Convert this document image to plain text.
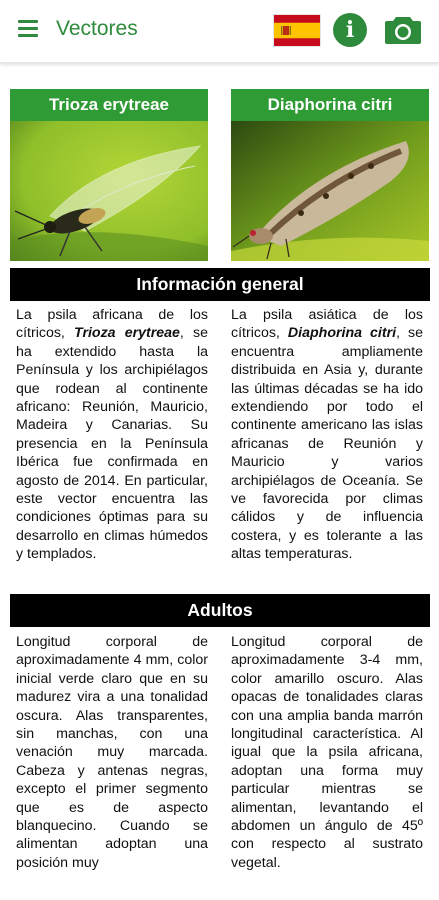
Vectores	i
Trioza erytreae	Diaphorina citri
Información general
La psila africana de los cítricos, Trioza erytreae, se ha extendido hasta la Península y los archipiélagos que rodean al continente africano: Reunión, Mauricio, Madeira y Canarias. Su presencia en la Península Ibérica fue confirmada en agosto de 2014. En particular, este vector encuentra las condiciones óptimas para su desarrollo en climas húmedos y templados.
La psila asiática de los cítricos, Diaphorina citri, se encuentra ampliamente distribuida en Asia y, durante las últimas décadas se ha ido extendiendo por todo el continente americano las islas africanas de Reunión y Mauricio y varios archipiélagos de Oceanía. Se ve favorecida por climas cálidos y de influencia costera, y es tolerante a las altas temperaturas.
Adultos
Longitud corporal de aproximadamente 4 mm, color inicial verde claro que en su madurez vira a una tonalidad oscura. Alas transparentes, sin manchas, con una venación muy marcada. Cabeza y antenas negras, excepto el primer segmento que es de aspecto blanquecino. Cuando se alimentan adoptan una posición muy
Longitud corporal de aproximadamente 3-4 mm, color amarillo oscuro. Alas opacas de tonalidades claras con una amplia banda marrón longitudinal característica. Al igual que la psila africana, adoptan una forma muy particular mientras se alimentan, levantando el abdomen un ángulo de 45º con respecto al sustrato vegetal.
